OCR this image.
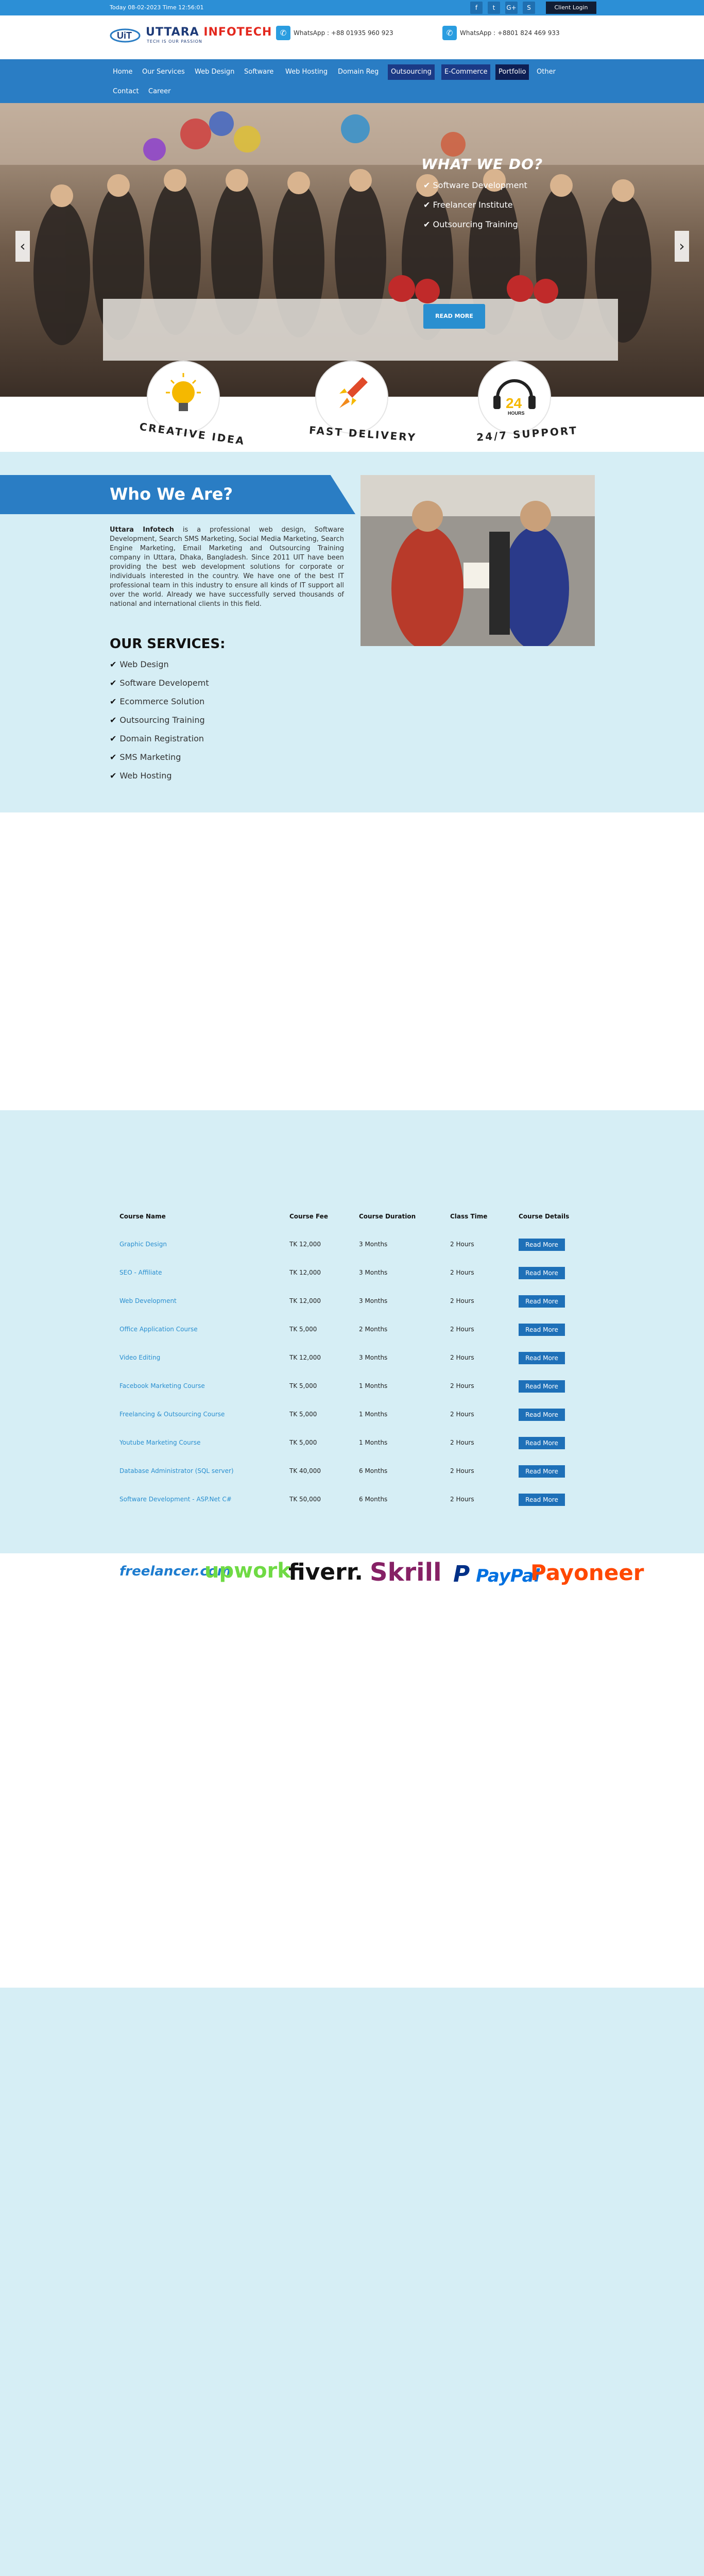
Today 08-02-2023 Time 12:56:01	f	t	G+	S	Client Login
UiT UTTARA INFOTECH
TECH IS OUR PASSION
✆	WhatsApp : +88 01935 960 923	✆	WhatsApp : +8801 824 469 933
Home	Our Services	Web Design	Software	Web Hosting	Domain Reg	Outsourcing	E-Commerce	Portfolio	Other
Contact	Career
‹	›
WHAT WE DO?
✔ Software Development
✔ Freelancer Institute
✔ Outsourcing Training
READ MORE
24
HOURS
CREATIVE IDEA	FAST DELIVERY	24/7 SUPPORT
Who We Are?
Uttara Infotech is a professional web design, Software Development, Search SMS Marketing, Social Media Marketing, Search Engine Marketing, Email Marketing and Outsourcing Training company in Uttara, Dhaka, Bangladesh. Since 2011 UIT have been providing the best web development solutions for corporate or individuals interested in the country. We have one of the best IT professional team in this industry to ensure all kinds of IT support all over the world. Already we have successfully served thousands of national and international clients in this field.
OUR SERVICES:
✔ Web Design
✔ Software Developemt
✔ Ecommerce Solution
✔ Outsourcing Training
✔ Domain Registration
✔ SMS Marketing
✔ Web Hosting
Course Name	Course Fee	Course Duration	Class Time	Course Details
Graphic Design	TK 12,000	3 Months	2 Hours	Read More
SEO - Affiliate	TK 12,000	3 Months	2 Hours	Read More
Web Development	TK 12,000	3 Months	2 Hours	Read More
Office Application Course	TK 5,000	2 Months	2 Hours	Read More
Video Editing	TK 12,000	3 Months	2 Hours	Read More
Facebook Marketing Course	TK 5,000	1 Months	2 Hours	Read More
Freelancing & Outsourcing Course	TK 5,000	1 Months	2 Hours	Read More
Youtube Marketing Course	TK 5,000	1 Months	2 Hours	Read More
Database Administrator (SQL server)	TK 40,000	6 Months	2 Hours	Read More
Software Development - ASP.Net C#	TK 50,000	6 Months	2 Hours	Read More
freelancer.com
upwork
fiverr. Skrill P PayPal
Payoneer
